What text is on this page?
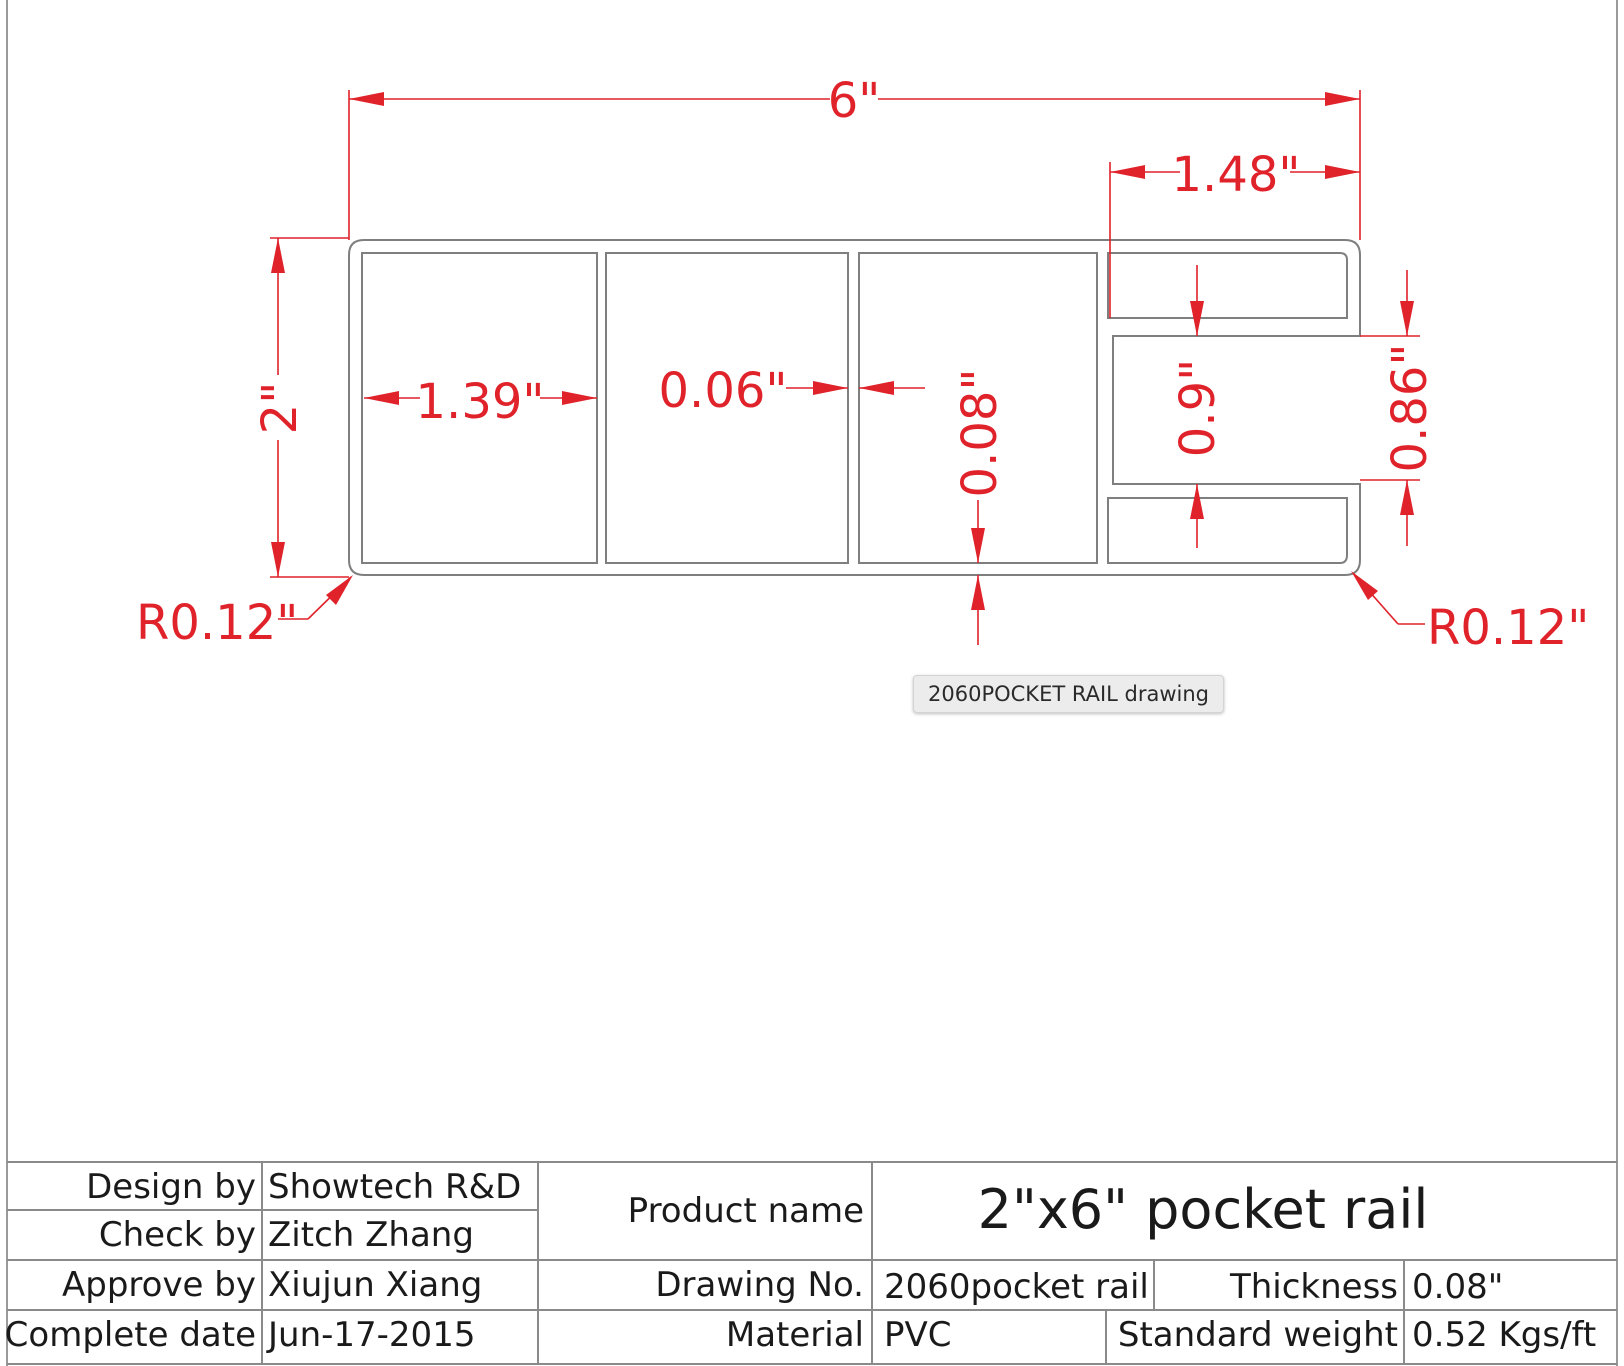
6"
1.48"
2" 1.39" 0.06"	0.08"	0.9"	0.86"
R0.12"	R0.12"
Design by Showtech R&D
Check by Zitch Zhang
Approve by Xiujun Xiang
Complete date Jun-17-2015
Product name 2"x6" pocket rail
Drawing No. 2060pocket rail Thickness 0.08"
Material PVC	Standard weight 0.52 Kgs/ft
2060POCKET RAIL drawing
